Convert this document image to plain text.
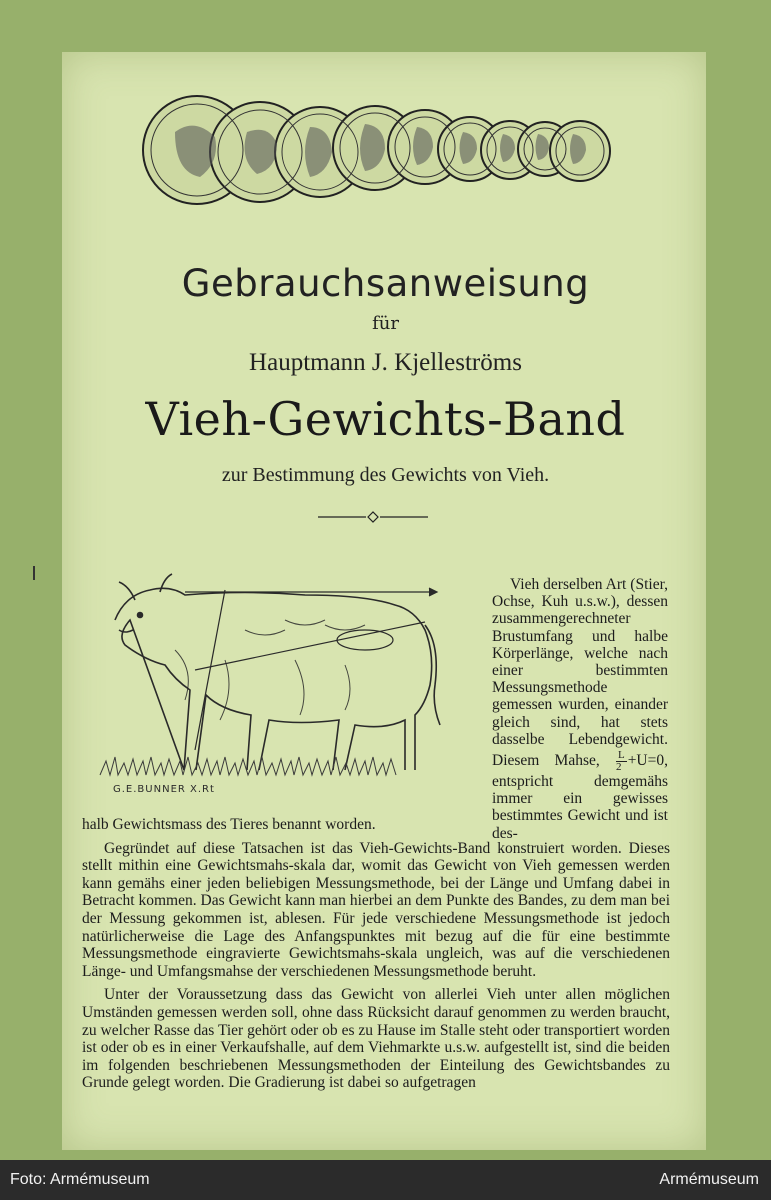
Gebrauchsanweisung
für
Hauptmann J. Kjelleströms
Vieh-Gewichts-Band
zur Bestimmung des Gewichts von Vieh.
G.E.BUNNER X.Rt

Vieh derselben Art (Stier, Ochse, Kuh u.s.w.), dessen zusammengerechneter Brustumfang und halbe Körperlänge, welche nach einer bestimmten Messungsmethode gemessen wurden, einander gleich sind, hat stets dasselbe Lebendgewicht.

Diesem Mahse, $\frac{L}{2} +U=0$, entspricht demgemähs immer ein gewisses bestimmtes Gewicht und ist des-

halb Gewichtsmass des Tieres benannt worden.

Gegründet auf diese Tatsachen ist das Vieh-Gewichts-Band konstruiert worden. Dieses stellt mithin eine Gewichtsmahs-skala dar, womit das Gewicht von Vieh gemessen werden kann gemähs einer jeden beliebigen Messungsmethode, bei der Länge und Umfang dabei in Betracht kommen. Das Gewicht kann man hierbei an dem Punkte des Bandes, zu dem man bei der Messung gekommen ist, ablesen. Für jede verschiedene Messungsmethode ist jedoch natürlicherweise die Lage des Anfangspunktes mit bezug auf die für eine bestimmte Messungsmethode eingravierte Gewichtsmahs-skala ungleich, was auf die verschiedenen Länge- und Umfangsmahse der verschiedenen Messungsmethode beruht.

Unter der Voraussetzung dass das Gewicht von allerlei Vieh unter allen möglichen Umständen gemessen werden soll, ohne dass Rücksicht darauf genommen zu werden braucht, zu welcher Rasse das Tier gehört oder ob es zu Hause im Stalle steht oder transportiert worden ist oder ob es in einer Verkaufshalle, auf dem Viehmarkte u.s.w. aufgestellt ist, sind die beiden im folgenden beschriebenen Messungsmethoden der Einteilung des Gewichtsbandes zu Grunde gelegt worden. Die Gradierung ist dabei so aufgetragen

Foto: Armémuseum	Armémuseum
